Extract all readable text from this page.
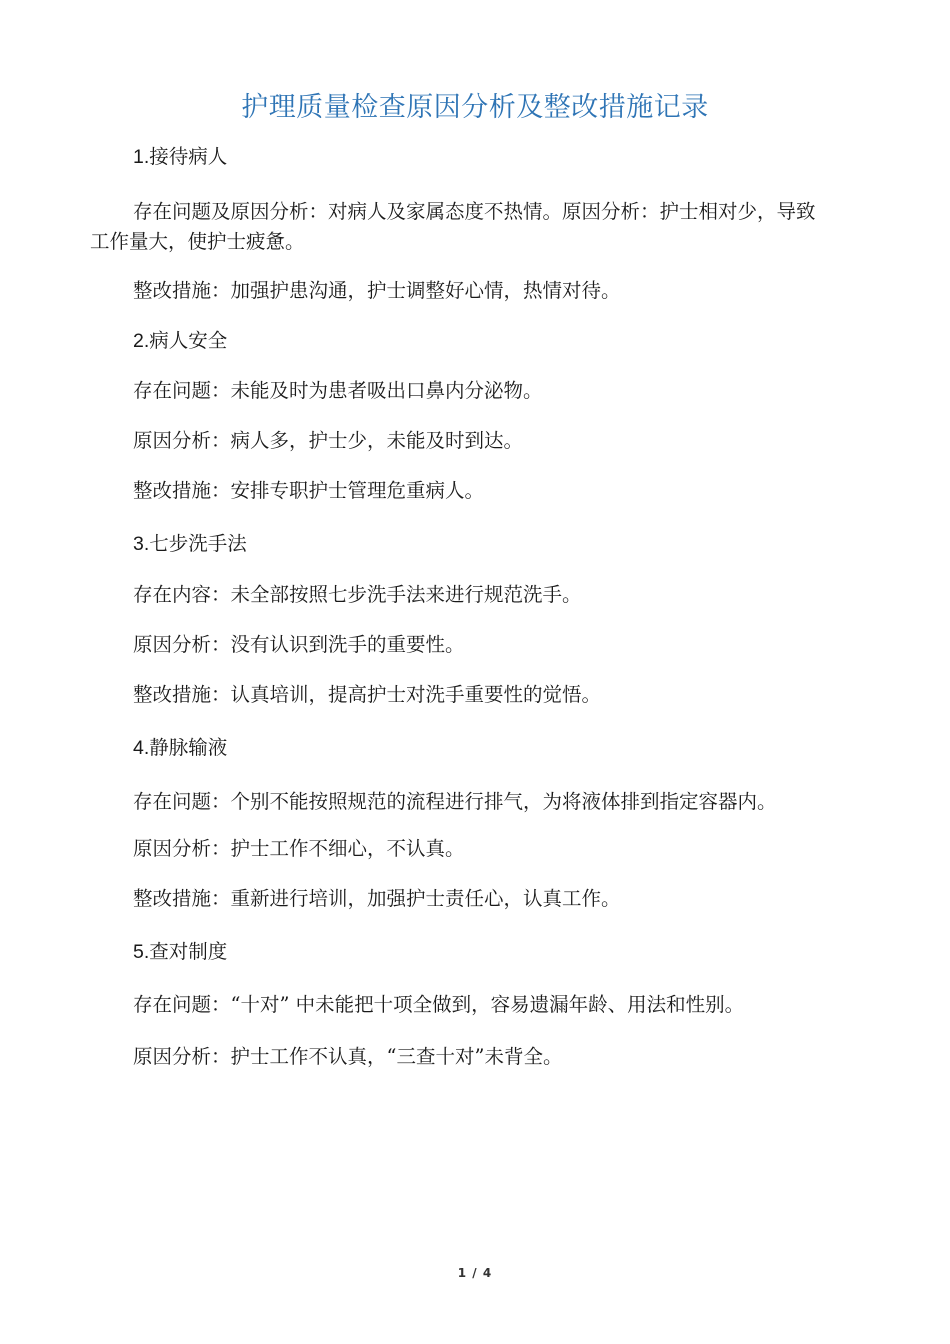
护理质量检查原因分析及整改措施记录
1.接待病人

存在问题及原因分析：对病人及家属态度不热情。原因分析：护士相对少，导致工作量大，使护士疲惫。

整改措施：加强护患沟通，护士调整好心情，热情对待。

2.病人安全

存在问题：未能及时为患者吸出口鼻内分泌物。

原因分析：病人多，护士少，未能及时到达。

整改措施：安排专职护士管理危重病人。

3.七步洗手法

存在内容：未全部按照七步洗手法来进行规范洗手。

原因分析：没有认识到洗手的重要性。

整改措施：认真培训，提高护士对洗手重要性的觉悟。

4.静脉输液

存在问题：个别不能按照规范的流程进行排气，为将液体排到指定容器内。

原因分析：护士工作不细心，不认真。

整改措施：重新进行培训，加强护士责任心，认真工作。

5.查对制度

存在问题：“十对” 中未能把十项全做到，容易遗漏年龄、用法和性别。

原因分析：护士工作不认真，“三查十对”未背全。

1 / 4
